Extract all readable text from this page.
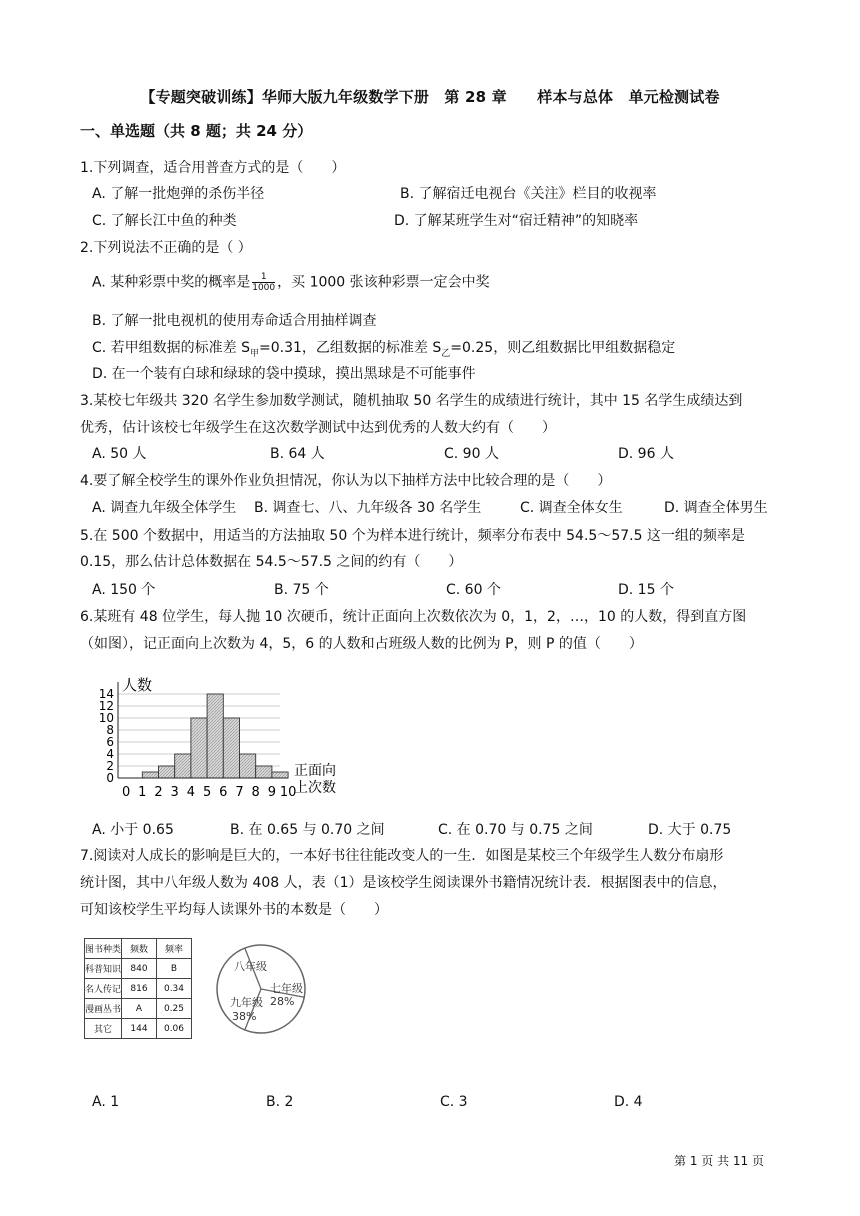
【专题突破训练】华师大版九年级数学下册　第 28 章　　样本与总体　单元检测试卷
一、单选题（共 8 题；共 24 分）
1.下列调查，适合用普查方式的是（　　）
A. 了解一批炮弹的杀伤半径	B. 了解宿迁电视台《关注》栏目的收视率
C. 了解长江中鱼的种类	D. 了解某班学生对“宿迁精神”的知晓率
2.下列说法不正确的是（ ）
A. 某种彩票中奖的概率是 $\frac{1}{1000}$ ，买 1000 张该种彩票一定会中奖
B. 了解一批电视机的使用寿命适合用抽样调查
C. 若甲组数据的标准差 $S_甲=0.31$，乙组数据的标准差 $S_乙=0.25$，则乙组数据比甲组数据稳定
D. 在一个装有白球和绿球的袋中摸球，摸出黑球是不可能事件
3.某校七年级共 320 名学生参加数学测试，随机抽取 50 名学生的成绩进行统计，其中 15 名学生成绩达到
优秀，估计该校七年级学生在这次数学测试中达到优秀的人数大约有（　　）
A. 50 人	B. 64 人	C. 90 人	D. 96 人
4.要了解全校学生的课外作业负担情况，你认为以下抽样方法中比较合理的是（　　）
A. 调查九年级全体学生 B. 调查七、八、九年级各 30 名学生	C. 调查全体女生	D. 调查全体男生
5.在 500 个数据中，用适当的方法抽取 50 个为样本进行统计，频率分布表中 54.5～57.5 这一组的频率是
0.15，那么估计总体数据在 54.5～57.5 之间的约有（　　）
A. 150 个	B. 75 个	C. 60 个	D. 15 个
6.某班有 48 位学生，每人抛 10 次硬币，统计正面向上次数依次为 0，1，2，…，10 的人数，得到直方图
（如图），记正面向上次数为 4，5，6 的人数和占班级人数的比例为 P，则 P 的值（　　）
0
2
4
6
8
10
12
14
0 1 2 3 4 5 6 7 8 9 10
人数
正面向
上次数
A. 小于 0.65	B. 在 0.65 与 0.70 之间	C. 在 0.70 与 0.75 之间	D. 大于 0.75
7.阅读对人成长的影响是巨大的，一本好书往往能改变人的一生．如图是某校三个年级学生人数分布扇形
统计图，其中八年级人数为 408 人，表（1）是该校学生阅读课外书籍情况统计表．根据图表中的信息，
可知该校学生平均每人读课外书的本数是（　　）
图书种类	频数	频率
科普知识	840	B
名人传记	816	0.34
漫画丛书	A	0.25
其它	144	0.06
八年级
七年级
28%
九年级
38%
A. 1	B. 2	C. 3	D. 4
第 1 页 共 11 页
